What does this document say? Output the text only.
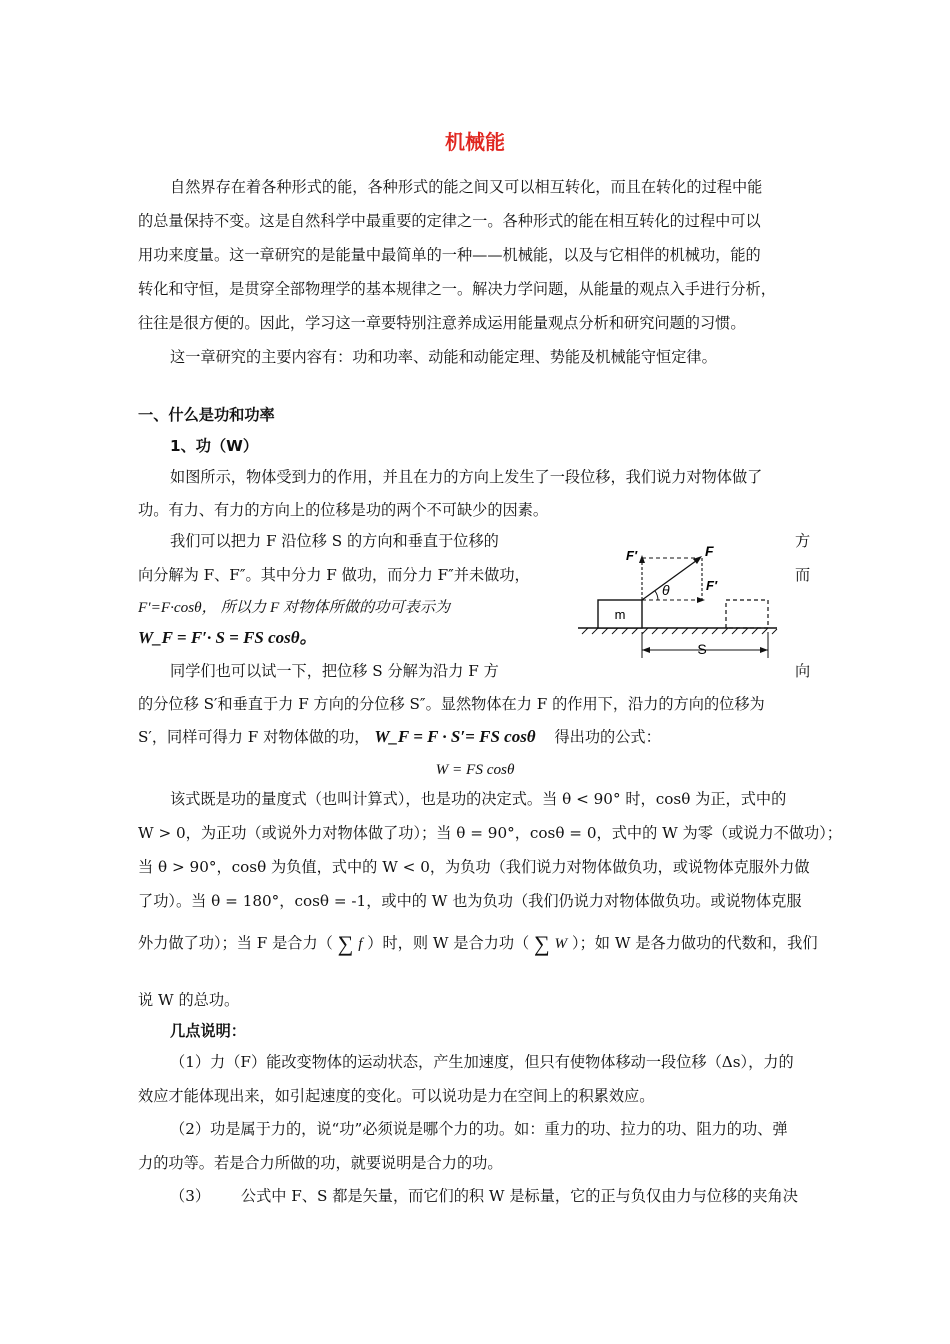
机械能
自然界存在着各种形式的能，各种形式的能之间又可以相互转化，而且在转化的过程中能
的总量保持不变。这是自然科学中最重要的定律之一。各种形式的能在相互转化的过程中可以
用功来度量。这一章研究的是能量中最简单的一种——机械能，以及与它相伴的机械功，能的
转化和守恒，是贯穿全部物理学的基本规律之一。解决力学问题，从能量的观点入手进行分析，
往往是很方便的。因此，学习这一章要特别注意养成运用能量观点分析和研究问题的习惯。
这一章研究的主要内容有：功和功率、动能和动能定理、势能及机械能守恒定律。
一、什么是功和功率
1、功（W）
如图所示，物体受到力的作用，并且在力的方向上发生了一段位移，我们说力对物体做了
功。有力、有力的方向上的位移是功的两个不可缺少的因素。
我们可以把力 F 沿位移 S 的方向和垂直于位移的	方
向分解为 F、F″。其中分力 F 做功，而分力 F″并未做功，	而
F′=F·cosθ， 所以力 F 对物体所做的功可表示为
W_F = F′· S = FS cosθ。
同学们也可以试一下，把位移 S 分解为沿力 F 方	向
的分位移 S′和垂直于力 F 方向的分位移 S″。显然物体在力 F 的作用下，沿力的方向的位移为
S′，同样可得力 F 对物体做的功， W_F = F · S′= FS cosθ 得出功的公式：
W = FS cosθ
该式既是功的量度式（也叫计算式），也是功的决定式。当 θ < 90° 时，cosθ 为正，式中的
W > 0，为正功（或说外力对物体做了功）；当 θ = 90°，cosθ = 0，式中的 W 为零（或说力不做功）；
当 θ > 90°，cosθ 为负值，式中的 W < 0，为负功（我们说力对物体做负功，或说物体克服外力做
了功）。当 θ = 180°，cosθ = -1，或中的 W 也为负功（我们仍说力对物体做负功。或说物体克服
外力做了功）；当 F 是合力（ ∑ f ）时，则 W 是合力功（ ∑ W ）；如 W 是各力做功的代数和，我们
说 W 的总功。
几点说明：
（1）力（F）能改变物体的运动状态，产生加速度，但只有使物体移动一段位移（Δs），力的
效应才能体现出来，如引起速度的变化。可以说功是力在空间上的积累效应。
（2）功是属于力的，说“功”必须说是哪个力的功。如：重力的功、拉力的功、阻力的功、弹
力的功等。若是合力所做的功，就要说明是合力的功。
（3） 公式中 F、S 都是矢量，而它们的积 W 是标量，它的正与负仅由力与位移的夹角决
m
θ
F
F′
F′
S
